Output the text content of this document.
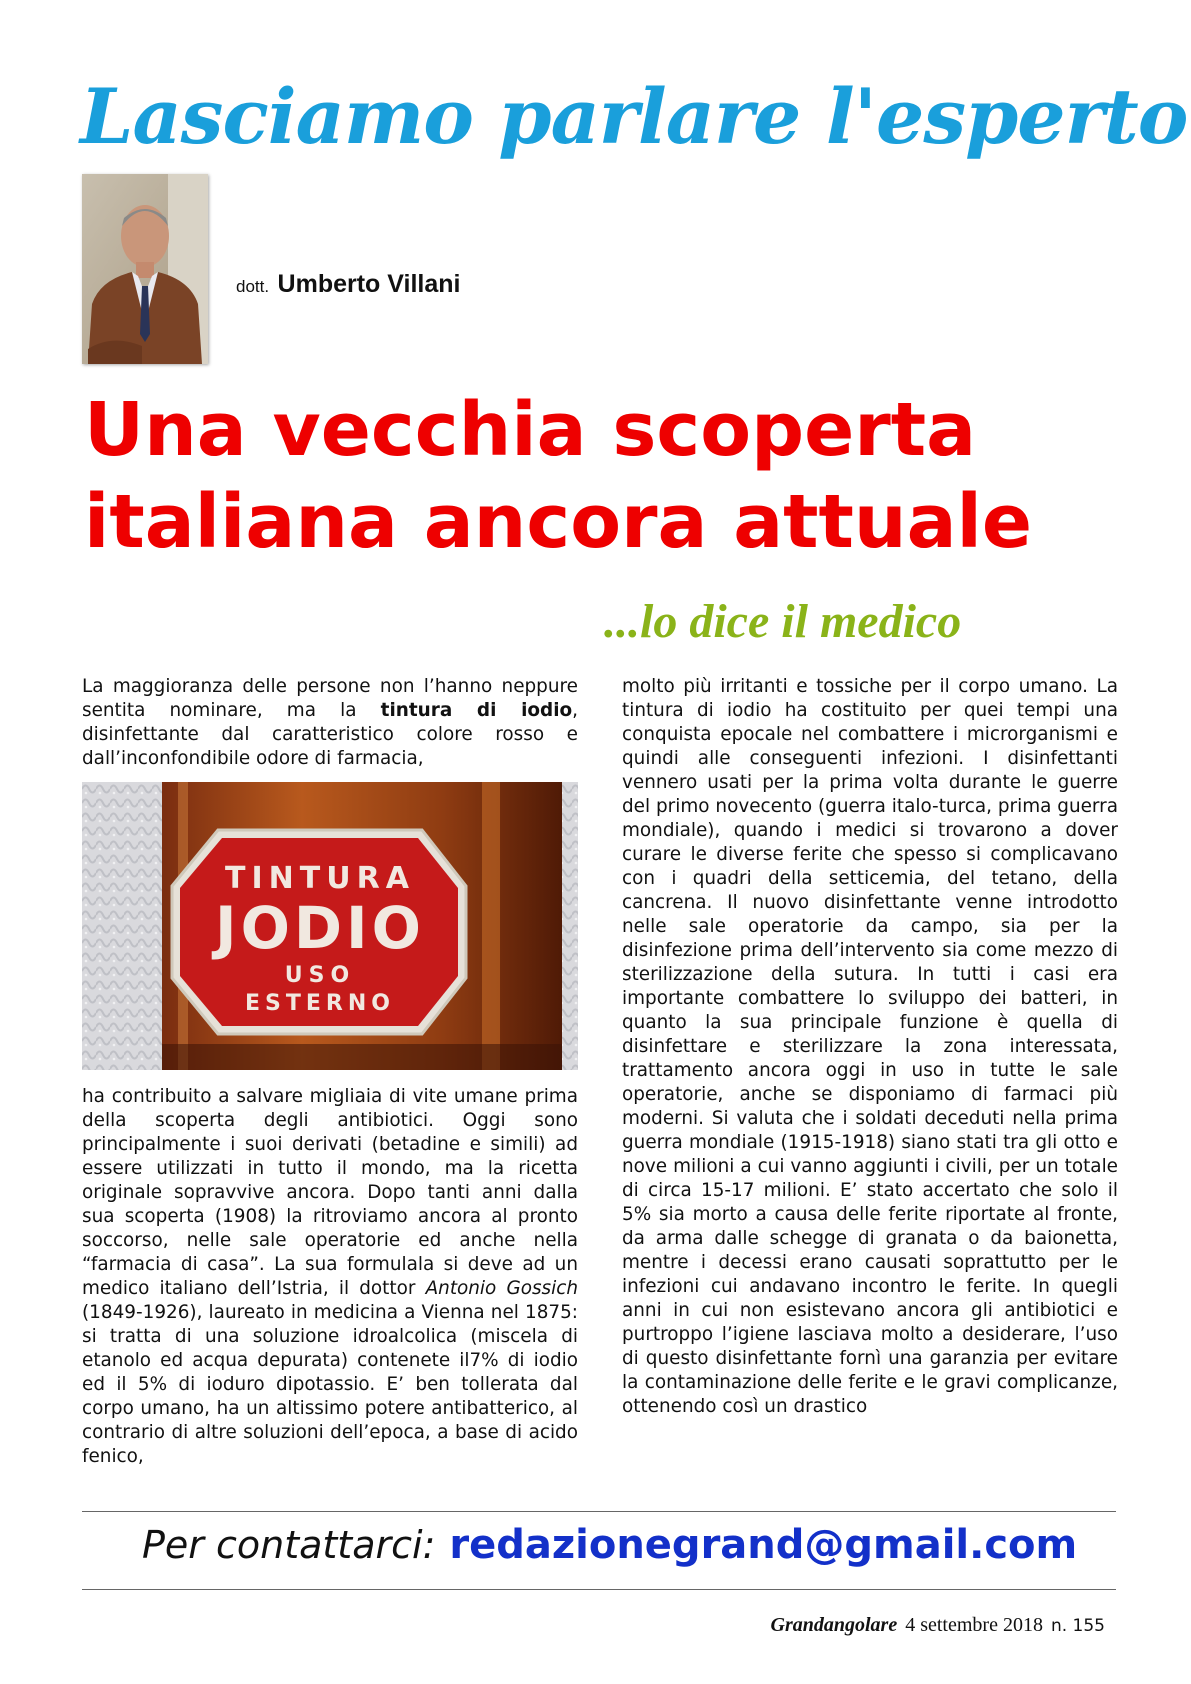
Lasciamo parlare l'esperto
dott. Umberto Villani
Una vecchia scoperta
italiana ancora attuale
...lo dice il medico

La maggioranza delle persone non l’hanno neppure sentita nominare, ma la tintura di iodio, disinfettante dal caratteristico colore rosso e dall’inconfondibile odore di farmacia,

TINTURA
JODIO
USO
ESTERNO

ha contribuito a salvare migliaia di vite umane prima della scoperta degli antibiotici. Oggi sono principalmente i suoi derivati (betadine e simili) ad essere utilizzati in tutto il mondo, ma la ricetta originale sopravvive ancora. Dopo tanti anni dalla sua scoperta (1908) la ritroviamo ancora al pronto soccorso, nelle sale operatorie ed anche nella “farmacia di casa”. La sua formulala si deve ad un medico italiano dell’Istria, il dottor Antonio Gossich (1849-1926), laureato in medicina a Vienna nel 1875: si tratta di una soluzione idroalcolica (miscela di etanolo ed acqua depurata) contenete il7% di iodio ed il 5% di ioduro dipotassio. E’ ben tollerata dal corpo umano, ha un altissimo potere antibatterico, al contrario di altre soluzioni dell’epoca, a base di acido fenico,

molto più irritanti e tossiche per il corpo umano. La tintura di iodio ha costituito per quei tempi una conquista epocale nel combattere i microrganismi e quindi alle conseguenti infezioni. I disinfettanti vennero usati per la prima volta durante le guerre del primo novecento (guerra italo-turca, prima guerra mondiale), quando i medici si trovarono a dover curare le diverse ferite che spesso si complicavano con i quadri della setticemia, del tetano, della cancrena. Il nuovo disinfettante venne introdotto nelle sale operatorie da campo, sia per la disinfezione prima dell’intervento sia come mezzo di sterilizzazione della sutura. In tutti i casi era importante combattere lo sviluppo dei batteri, in quanto la sua principale funzione è quella di disinfettare e sterilizzare la zona interessata, trattamento ancora oggi in uso in tutte le sale operatorie, anche se disponiamo di farmaci più moderni. Si valuta che i soldati deceduti nella prima guerra mondiale (1915-1918) siano stati tra gli otto e nove milioni a cui vanno aggiunti i civili, per un totale di circa 15-17 milioni. E’ stato accertato che solo il 5% sia morto a causa delle ferite riportate al fronte, da arma dalle schegge di granata o da baionetta, mentre i decessi erano causati soprattutto per le infezioni cui andavano incontro le ferite. In quegli anni in cui non esistevano ancora gli antibiotici e purtroppo l’igiene lasciava molto a desiderare, l’uso di questo disinfettante fornì una garanzia per evitare la contaminazione delle ferite e le gravi complicanze, ottenendo così un drastico

Per contattarci: redazionegrand@gmail.com
Grandangolare 4 settembre 2018 n. 155
